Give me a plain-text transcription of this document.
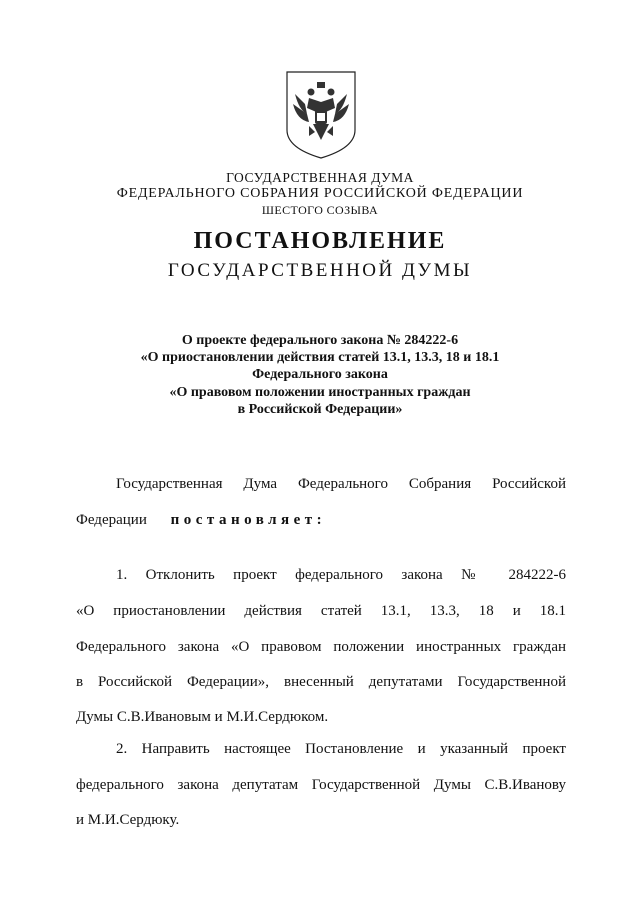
ГОСУДАРСТВЕННАЯ ДУМА
ФЕДЕРАЛЬНОГО СОБРАНИЯ РОССИЙСКОЙ ФЕДЕРАЦИИ
ШЕСТОГО СОЗЫВА
ПОСТАНОВЛЕНИЕ
ГОСУДАРСТВЕННОЙ ДУМЫ
О проекте федерального закона № 284222-6
«О приостановлении действия статей 13.1, 13.3, 18 и 18.1
Федерального закона
«О правовом положении иностранных граждан
в Российской Федерации»
Государственная Дума Федерального Собрания Российской
Федерации постановляет:
1. Отклонить проект федерального закона № 284222-6
«О приостановлении действия статей 13.1, 13.3, 18 и 18.1
Федерального закона «О правовом положении иностранных граждан
в Российской Федерации», внесенный депутатами Государственной
Думы С.В.Ивановым и М.И.Сердюком.
2. Направить настоящее Постановление и указанный проект
федерального закона депутатам Государственной Думы С.В.Иванову
и М.И.Сердюку.
